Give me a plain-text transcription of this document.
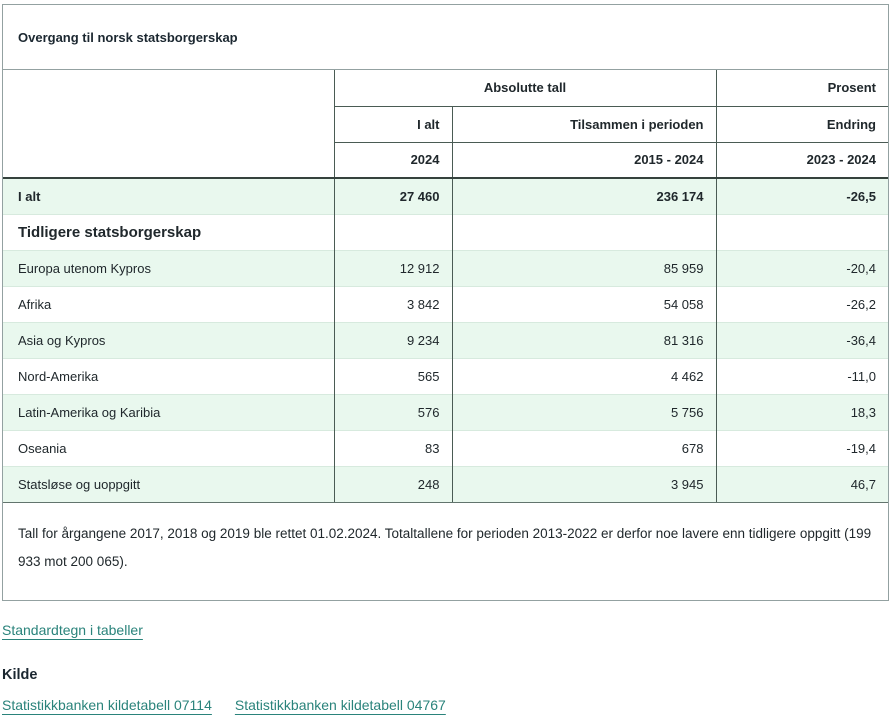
Overgang til norsk statsborgerskap
	Absolutte tall		Prosent
	I alt	Tilsammen i perioden	Endring
	2024	2015 - 2024	2023 - 2024
I alt	27 460	236 174	-26,5
Tidligere statsborgerskap			
Europa utenom Kypros	12 912	85 959	-20,4
Afrika	3 842	54 058	-26,2
Asia og Kypros	9 234	81 316	-36,4
Nord-Amerika	565	4 462	-11,0
Latin-Amerika og Karibia	576	5 756	18,3
Oseania	83	678	-19,4
Statsløse og uoppgitt	248	3 945	46,7
Tall for årgangene 2017, 2018 og 2019 ble rettet 01.02.2024. Totaltallene for perioden 2013-2022 er derfor noe lavere enn tidligere oppgitt (199 933 mot 200 065).
Standardtegn i tabeller
Kilde
Statistikkbanken kildetabell 07114 Statistikkbanken kildetabell 04767
